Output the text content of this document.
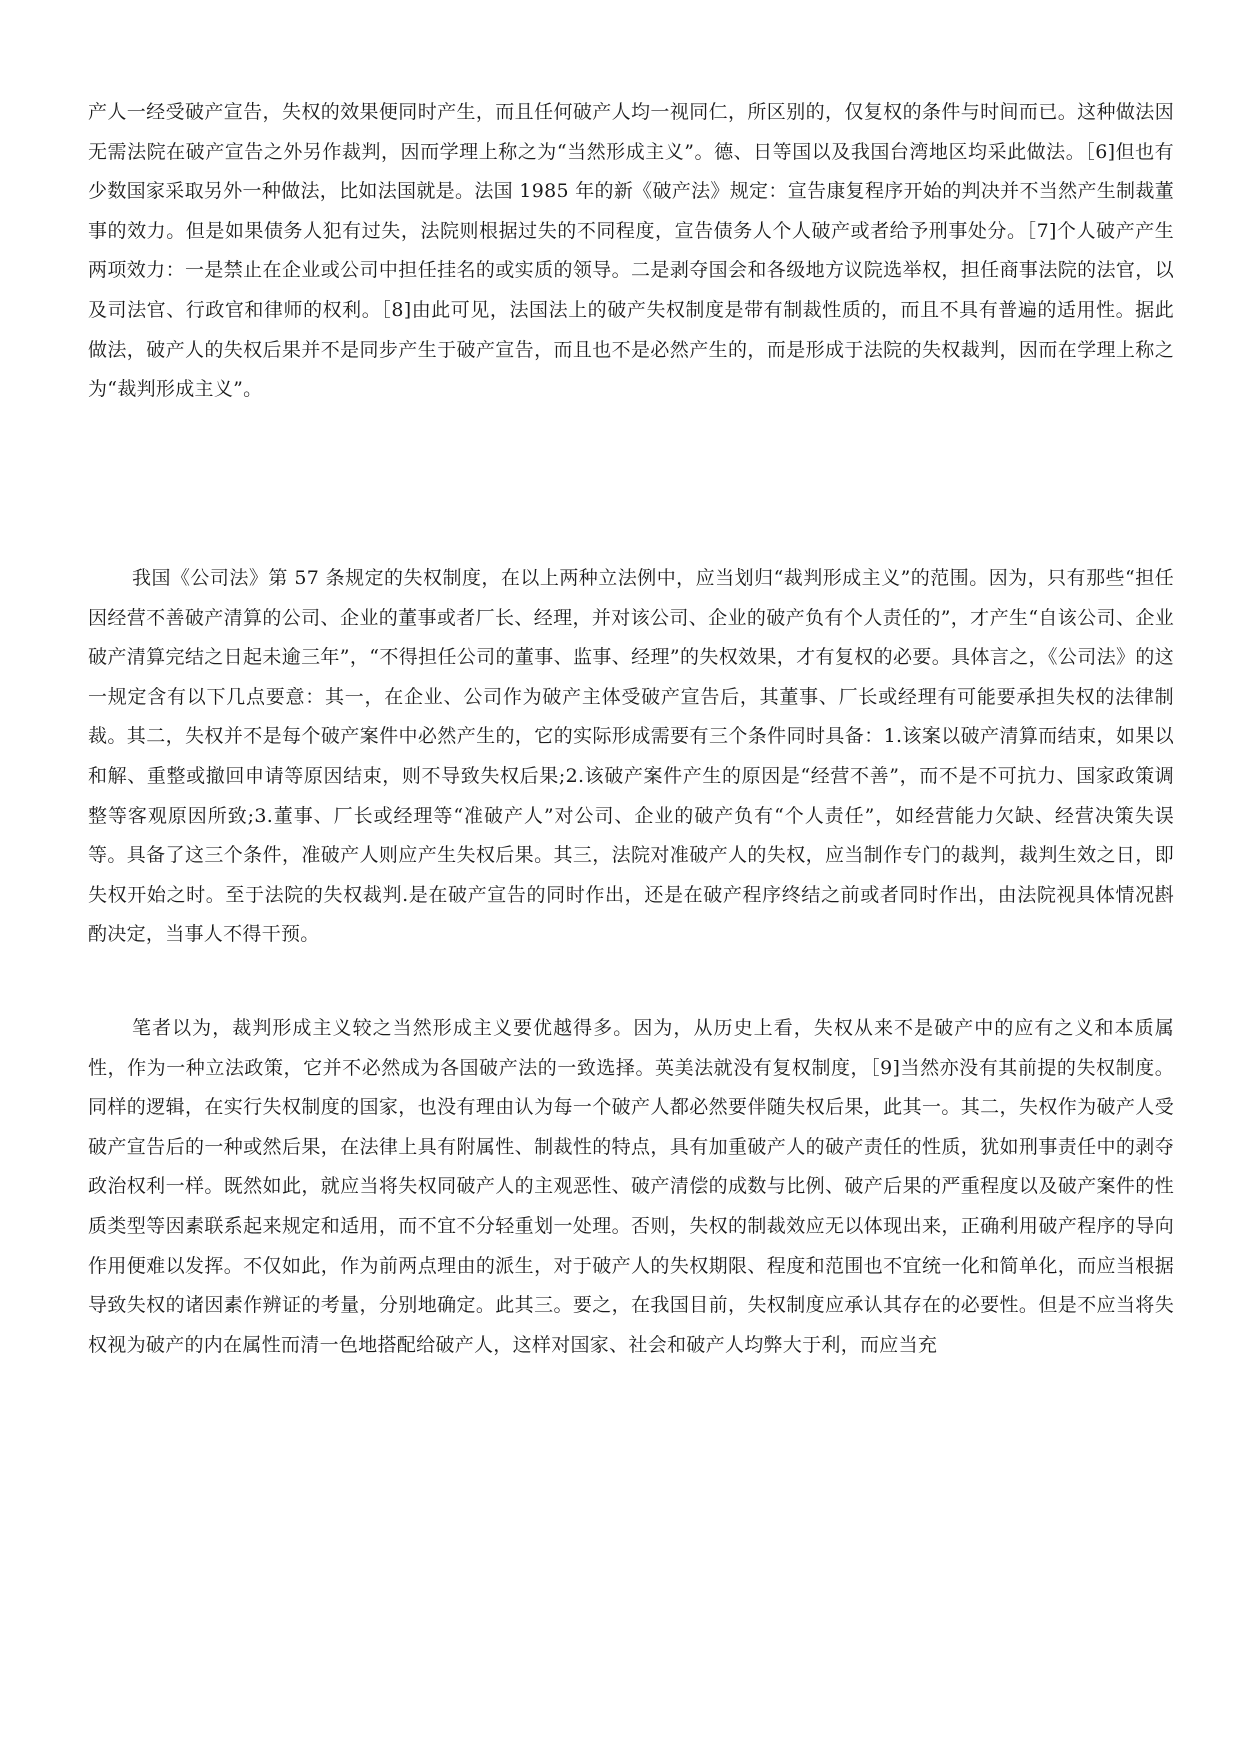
产人一经受破产宣告，失权的效果便同时产生，而且任何破产人均一视同仁，所区别的，仅复权的条件与时间而已。这种做法因无需法院在破产宣告之外另作裁判，因而学理上称之为“当然形成主义”。德、日等国以及我国台湾地区均采此做法。［6]但也有少数国家采取另外一种做法，比如法国就是。法国 1985 年的新《破产法》规定：宣告康复程序开始的判决并不当然产生制裁董事的效力。但是如果债务人犯有过失，法院则根据过失的不同程度，宣告债务人个人破产或者给予刑事处分。［7]个人破产产生两项效力：一是禁止在企业或公司中担任挂名的或实质的领导。二是剥夺国会和各级地方议院选举权，担任商事法院的法官，以及司法官、行政官和律师的权利。［8]由此可见，法国法上的破产失权制度是带有制裁性质的，而且不具有普遍的适用性。据此做法，破产人的失权后果并不是同步产生于破产宣告，而且也不是必然产生的，而是形成于法院的失权裁判，因而在学理上称之为“裁判形成主义”。

我国《公司法》第 57 条规定的失权制度，在以上两种立法例中，应当划归“裁判形成主义”的范围。因为，只有那些“担任因经营不善破产清算的公司、企业的董事或者厂长、经理，并对该公司、企业的破产负有个人责任的”，才产生“自该公司、企业破产清算完结之日起未逾三年”，“不得担任公司的董事、监事、经理”的失权效果，才有复权的必要。具体言之，《公司法》的这一规定含有以下几点要意：其一，在企业、公司作为破产主体受破产宣告后，其董事、厂长或经理有可能要承担失权的法律制裁。其二，失权并不是每个破产案件中必然产生的，它的实际形成需要有三个条件同时具备：1.该案以破产清算而结束，如果以和解、重整或撤回申请等原因结束，则不导致失权后果;2.该破产案件产生的原因是“经营不善”，而不是不可抗力、国家政策调整等客观原因所致;3.董事、厂长或经理等“准破产人”对公司、企业的破产负有“个人责任”，如经营能力欠缺、经营决策失误等。具备了这三个条件，准破产人则应产生失权后果。其三，法院对准破产人的失权，应当制作专门的裁判，裁判生效之日，即失权开始之时。至于法院的失权裁判.是在破产宣告的同时作出，还是在破产程序终结之前或者同时作出，由法院视具体情况斟酌决定，当事人不得干预。

笔者以为，裁判形成主义较之当然形成主义要优越得多。因为，从历史上看，失权从来不是破产中的应有之义和本质属性，作为一种立法政策，它并不必然成为各国破产法的一致选择。英美法就没有复权制度，［9]当然亦没有其前提的失权制度。同样的逻辑，在实行失权制度的国家，也没有理由认为每一个破产人都必然要伴随失权后果，此其一。其二，失权作为破产人受破产宣告后的一种或然后果，在法律上具有附属性、制裁性的特点，具有加重破产人的破产责任的性质，犹如刑事责任中的剥夺政治权利一样。既然如此，就应当将失权同破产人的主观恶性、破产清偿的成数与比例、破产后果的严重程度以及破产案件的性质类型等因素联系起来规定和适用，而不宜不分轻重划一处理。否则，失权的制裁效应无以体现出来，正确利用破产程序的导向作用便难以发挥。不仅如此，作为前两点理由的派生，对于破产人的失权期限、程度和范围也不宜统一化和简单化，而应当根据导致失权的诸因素作辨证的考量，分别地确定。此其三。要之，在我国目前，失权制度应承认其存在的必要性。但是不应当将失权视为破产的内在属性而清一色地搭配给破产人，这样对国家、社会和破产人均弊大于利，而应当充
